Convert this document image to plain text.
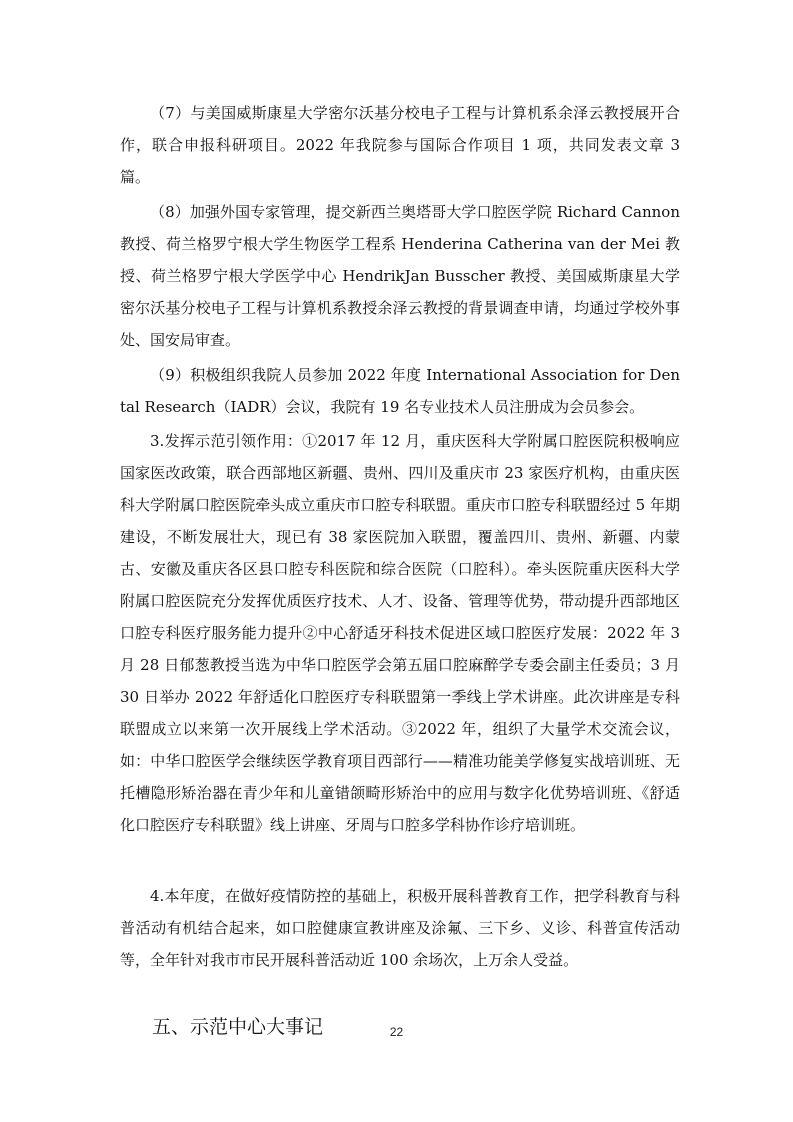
（7）与美国威斯康星大学密尔沃基分校电子工程与计算机系余泽云教授展开合作，联合申报科研项目。2022 年我院参与国际合作项目 1 项，共同发表文章 3 篇。

（8）加强外国专家管理，提交新西兰奥塔哥大学口腔医学院 Richard Cannon 教授、荷兰格罗宁根大学生物医学工程系 Henderina Catherina van der Mei 教授、荷兰格罗宁根大学医学中心 HendrikJan Busscher 教授、美国威斯康星大学密尔沃基分校电子工程与计算机系教授余泽云教授的背景调查申请，均通过学校外事处、国安局审查。

（9）积极组织我院人员参加 2022 年度 International Association for Dental Research（IADR）会议，我院有 19 名专业技术人员注册成为会员参会。

3.发挥示范引领作用：①2017 年 12 月，重庆医科大学附属口腔医院积极响应国家医改政策，联合西部地区新疆、贵州、四川及重庆市 23 家医疗机构，由重庆医科大学附属口腔医院牵头成立重庆市口腔专科联盟。重庆市口腔专科联盟经过 5 年期建设，不断发展壮大，现已有 38 家医院加入联盟，覆盖四川、贵州、新疆、内蒙古、安徽及重庆各区县口腔专科医院和综合医院（口腔科）。牵头医院重庆医科大学附属口腔医院充分发挥优质医疗技术、人才、设备、管理等优势，带动提升西部地区口腔专科医疗服务能力提升②中心舒适牙科技术促进区域口腔医疗发展：2022 年 3 月 28 日郁葱教授当选为中华口腔医学会第五届口腔麻醉学专委会副主任委员；3 月 30 日举办 2022 年舒适化口腔医疗专科联盟第一季线上学术讲座。此次讲座是专科联盟成立以来第一次开展线上学术活动。③2022 年，组织了大量学术交流会议，如：中华口腔医学会继续医学教育项目西部行——精准功能美学修复实战培训班、无托槽隐形矫治器在青少年和儿童错颌畸形矫治中的应用与数字化优势培训班、《舒适化口腔医疗专科联盟》线上讲座、牙周与口腔多学科协作诊疗培训班。

4.本年度，在做好疫情防控的基础上，积极开展科普教育工作，把学科教育与科普活动有机结合起来，如口腔健康宣教讲座及涂氟、三下乡、义诊、科普宣传活动等，全年针对我市市民开展科普活动近 100 余场次，上万余人受益。

五、示范中心大事记	22
